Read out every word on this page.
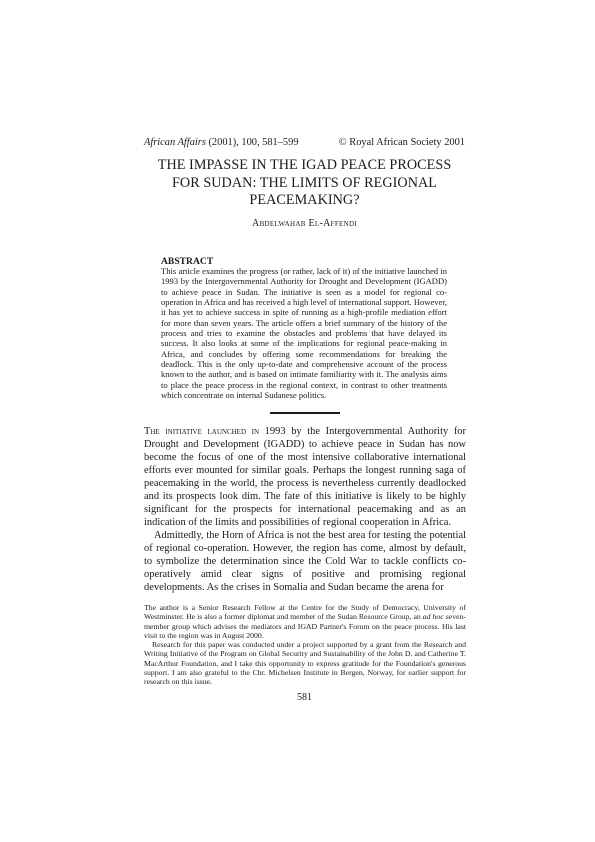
African Affairs (2001), 100, 581–599	© Royal African Society 2001
THE IMPASSE IN THE IGAD PEACE PROCESS
FOR SUDAN: THE LIMITS OF REGIONAL
PEACEMAKING?
Abdelwahab El-Affendi
ABSTRACT
This article examines the progress (or rather, lack of it) of the initiative launched in 1993 by the Intergovernmental Authority for Drought and Development (IGADD) to achieve peace in Sudan. The initiative is seen as a model for regional co-operation in Africa and has received a high level of international support. However, it has yet to achieve success in spite of running as a high-profile mediation effort for more than seven years. The article offers a brief summary of the history of the process and tries to examine the obstacles and problems that have delayed its success. It also looks at some of the implications for regional peace-making in Africa, and concludes by offering some recommendations for breaking the deadlock. This is the only up-to-date and comprehensive account of the process known to the author, and is based on intimate familiarity with it. The analysis aims to place the peace process in the regional context, in contrast to other treatments which concentrate on internal Sudanese politics.

The initiative launched in 1993 by the Intergovernmental Authority for Drought and Development (IGADD) to achieve peace in Sudan has now become the focus of one of the most intensive collaborative international efforts ever mounted for similar goals. Perhaps the longest running saga of peacemaking in the world, the process is nevertheless currently deadlocked and its prospects look dim. The fate of this initiative is likely to be highly significant for the prospects for international peacemaking and as an indication of the limits and possibilities of regional cooperation in Africa.

Admittedly, the Horn of Africa is not the best area for testing the potential of regional co-operation. However, the region has come, almost by default, to symbolize the determination since the Cold War to tackle conflicts co-operatively amid clear signs of positive and promising regional developments. As the crises in Somalia and Sudan became the arena for

The author is a Senior Research Fellow at the Centre for the Study of Democracy, University of Westminster. He is also a former diplomat and member of the Sudan Resource Group, an ad hoc seven-member group which advises the mediators and IGAD Partner's Forum on the peace process. His last visit to the region was in August 2000.

Research for this paper was conducted under a project supported by a grant from the Research and Writing Initiative of the Program on Global Security and Sustainability of the John D. and Catherine T. MacArthur Foundation, and I take this opportunity to express gratitude for the Foundation's generous support. I am also grateful to the Chr. Michelsen Institute in Bergen, Norway, for earlier support for research on this issue.

581
